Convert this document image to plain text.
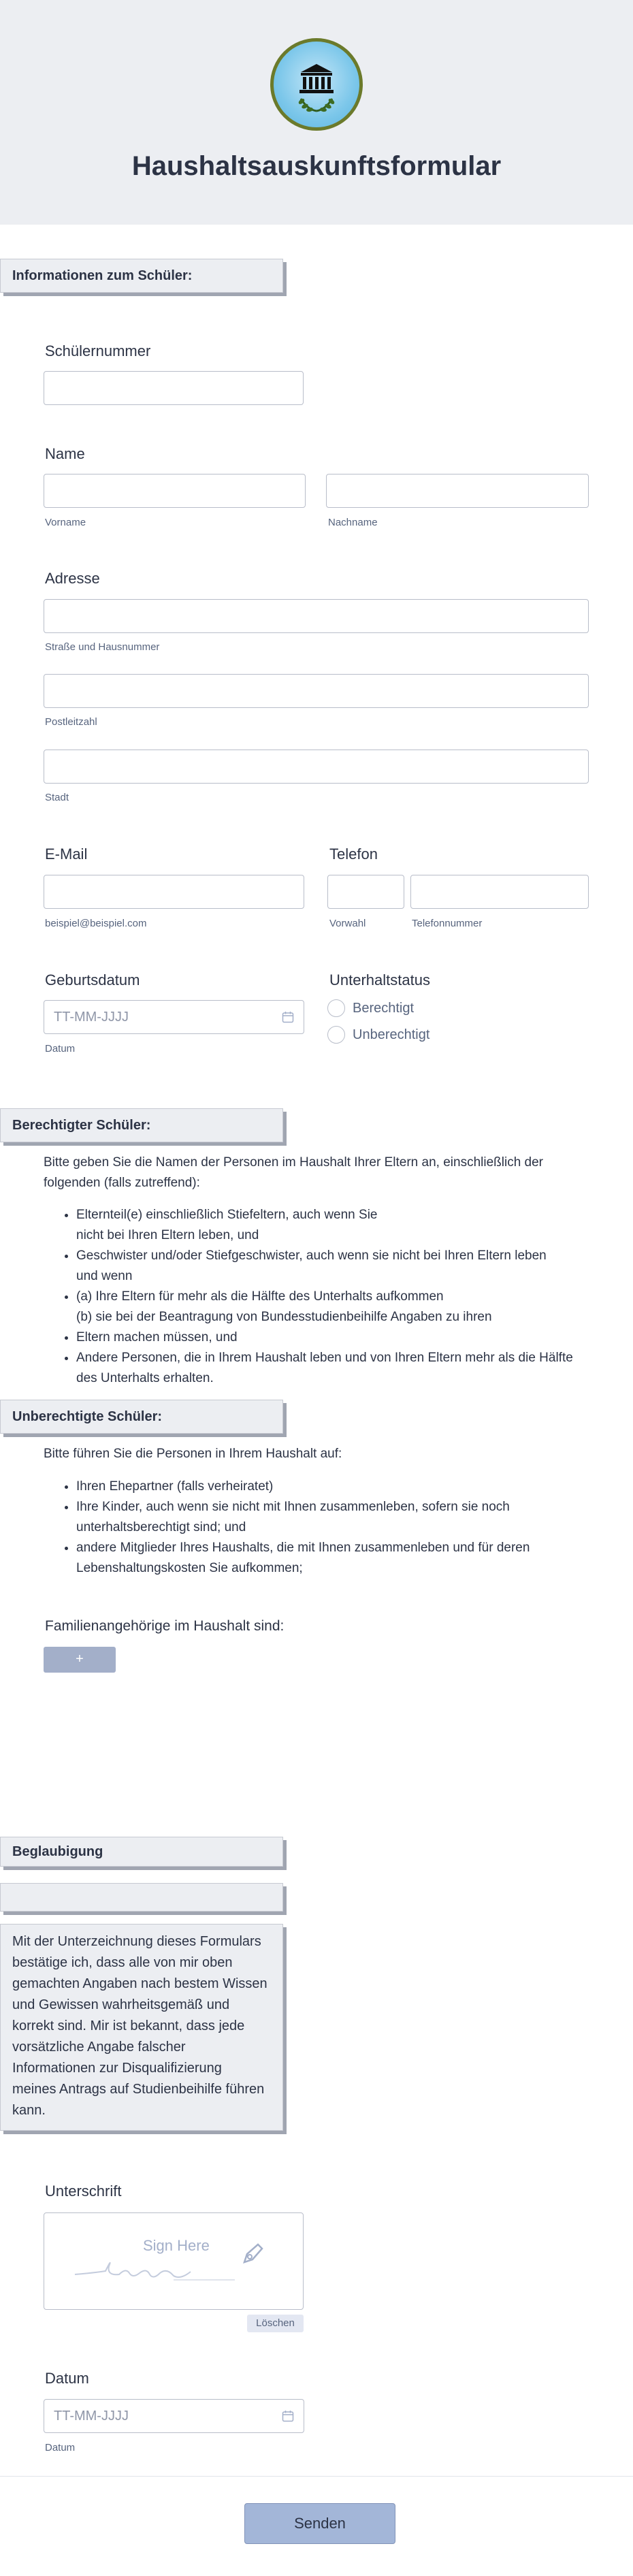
Haushaltsauskunftsformular
Informationen zum Schüler:
Schülernummer
Name
Vorname	Nachname
Adresse
Straße und Hausnummer
Postleitzahl
Stadt
E-Mail
beispiel@beispiel.com
Telefon
Vorwahl	Telefonnummer
Geburtsdatum
TT-MM-JJJJ
Datum
Unterhaltstatus
Berechtigt
Unberechtigt
Berechtigter Schüler:
Bitte geben Sie die Namen der Personen im Haushalt Ihrer Eltern an, einschließlich der
folgenden (falls zutreffend):
• Elternteil(e) einschließlich Stiefeltern, auch wenn Sie
nicht bei Ihren Eltern leben, und
• Geschwister und/oder Stiefgeschwister, auch wenn sie nicht bei Ihren Eltern leben
und wenn
• (a) Ihre Eltern für mehr als die Hälfte des Unterhalts aufkommen
(b) sie bei der Beantragung von Bundesstudienbeihilfe Angaben zu ihren
• Eltern machen müssen, und
• Andere Personen, die in Ihrem Haushalt leben und von Ihren Eltern mehr als die Hälfte
des Unterhalts erhalten.
Unberechtigte Schüler:
Bitte führen Sie die Personen in Ihrem Haushalt auf:
• Ihren Ehepartner (falls verheiratet)
• Ihre Kinder, auch wenn sie nicht mit Ihnen zusammenleben, sofern sie noch
unterhaltsberechtigt sind; und
• andere Mitglieder Ihres Haushalts, die mit Ihnen zusammenleben und für deren
Lebenshaltungskosten Sie aufkommen;
Familienangehörige im Haushalt sind:
+
Beglaubigung
Mit der Unterzeichnung dieses Formulars
bestätige ich, dass alle von mir oben
gemachten Angaben nach bestem Wissen
und Gewissen wahrheitsgemäß und
korrekt sind. Mir ist bekannt, dass jede
vorsätzliche Angabe falscher
Informationen zur Disqualifizierung
meines Antrags auf Studienbeihilfe führen
kann.
Unterschrift
Sign Here
Löschen
Datum
TT-MM-JJJJ
Datum
Senden
